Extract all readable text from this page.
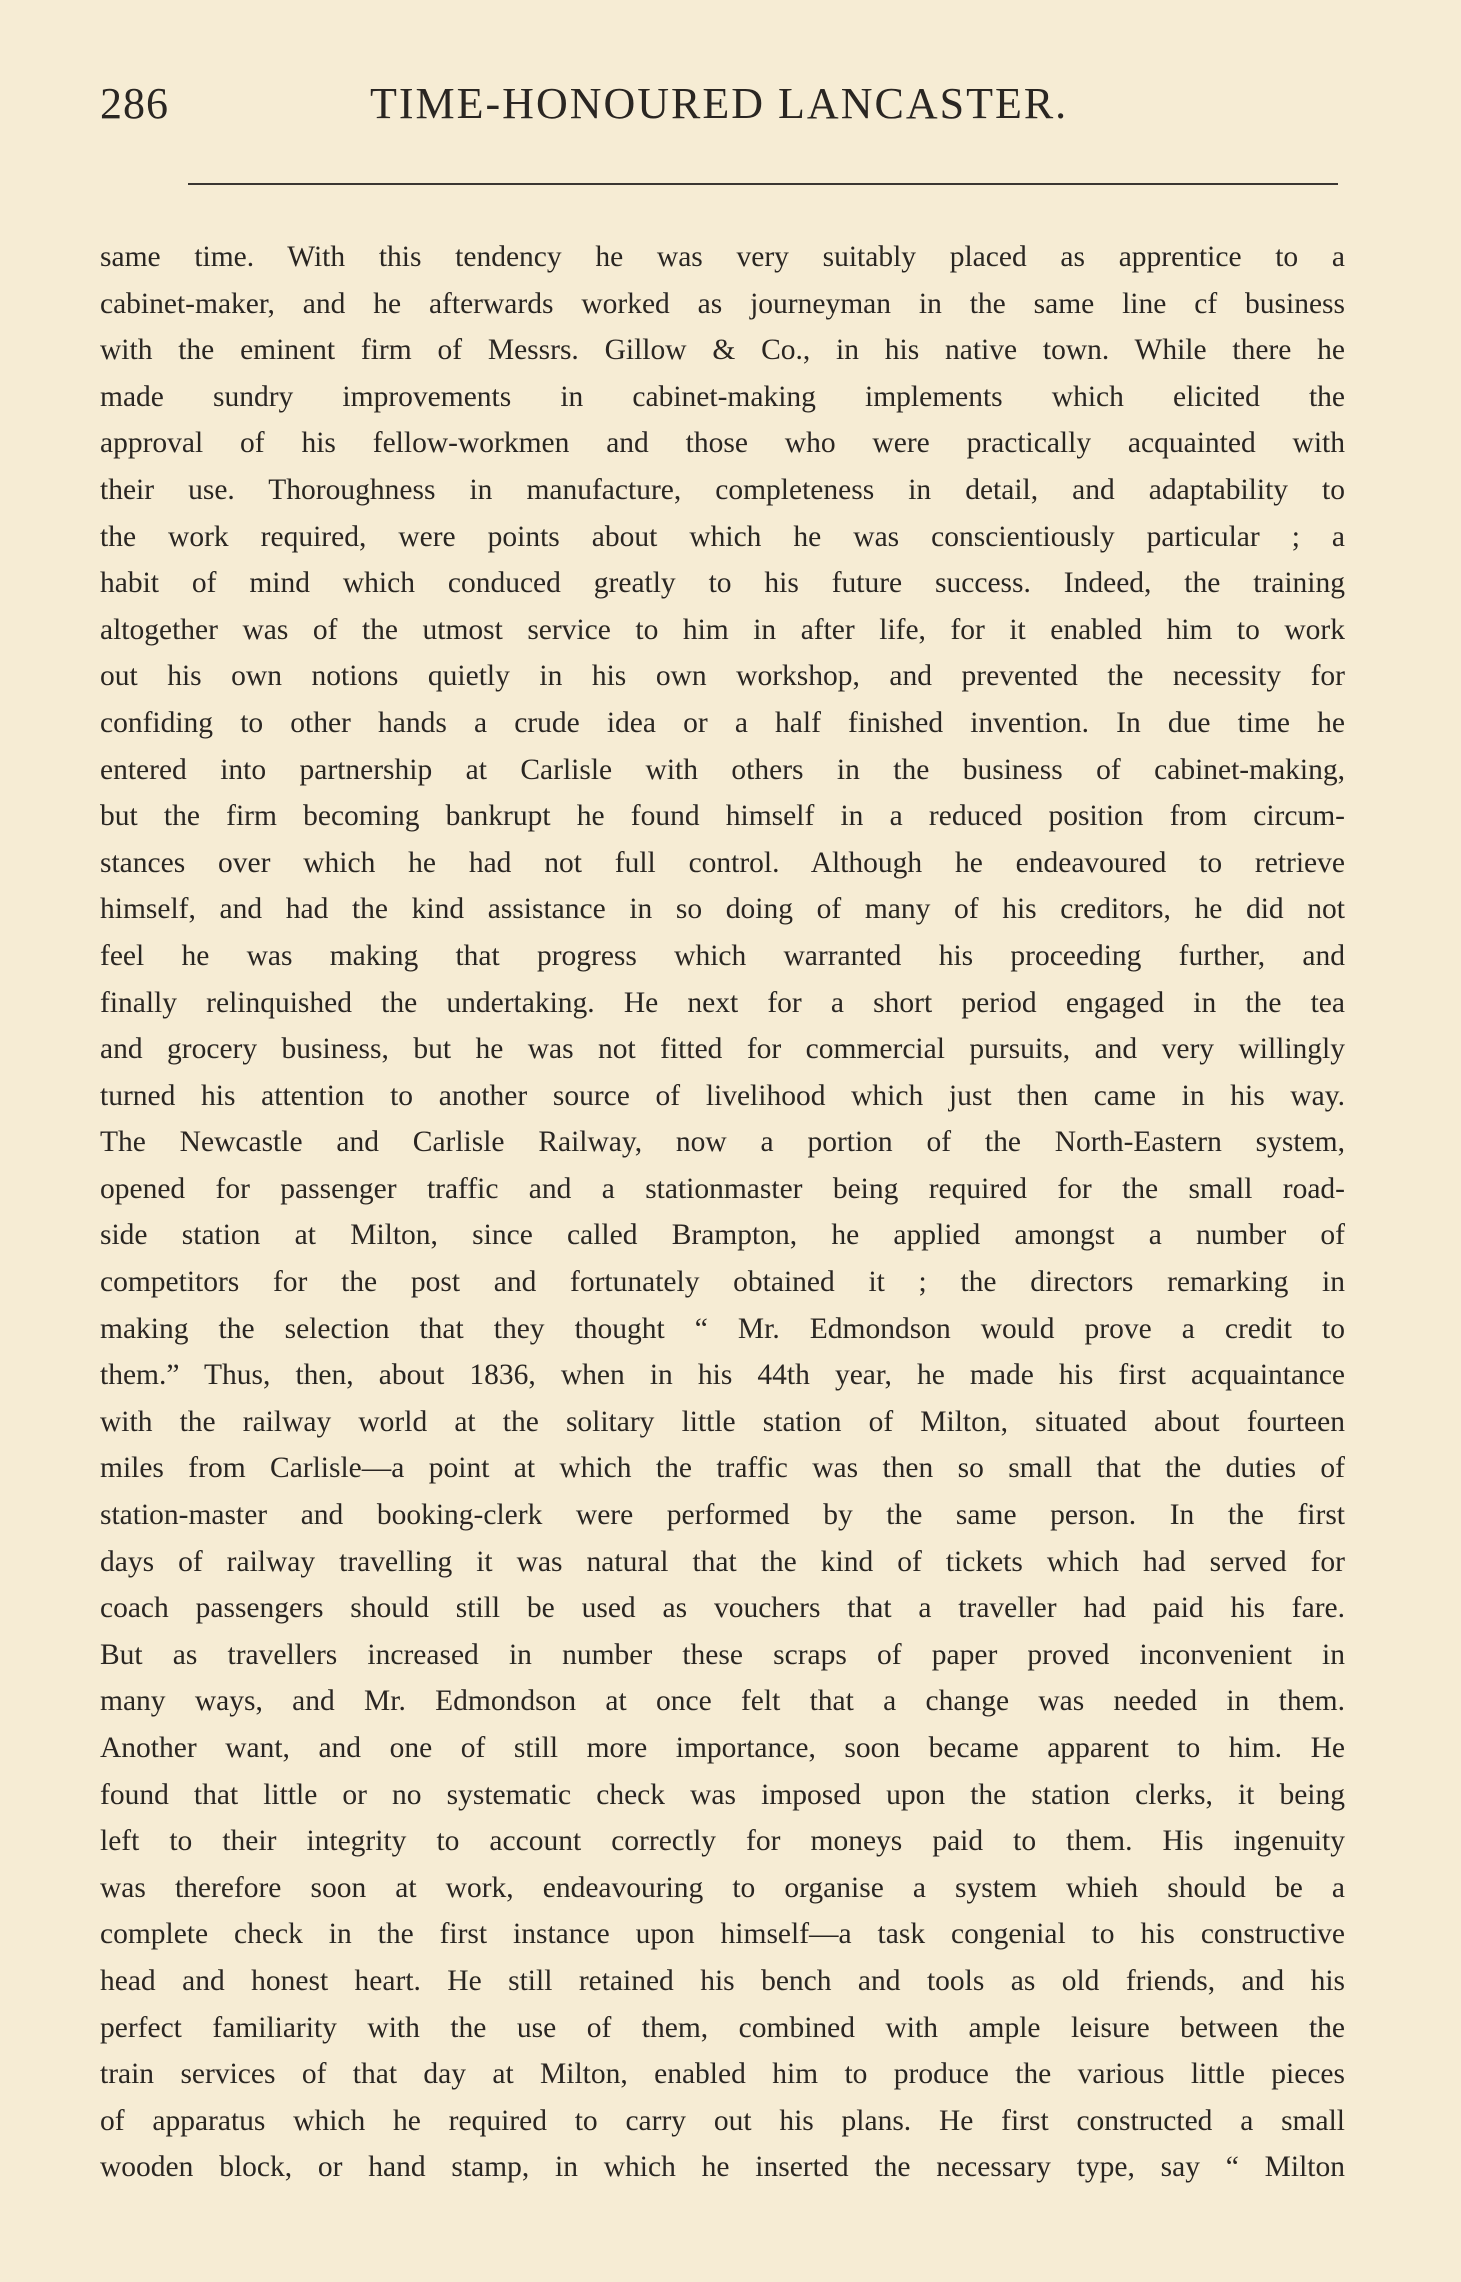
286	TIME-HONOURED LANCASTER.
same time. With this tendency he was very suitably placed as apprentice to a
cabinet-maker, and he afterwards worked as journeyman in the same line cf business
with the eminent firm of Messrs. Gillow & Co., in his native town. While there he
made sundry improvements in cabinet-making implements which elicited the
approval of his fellow-workmen and those who were practically acquainted with
their use. Thoroughness in manufacture, completeness in detail, and adaptability to
the work required, were points about which he was conscientiously particular ; a
habit of mind which conduced greatly to his future success. Indeed, the training
altogether was of the utmost service to him in after life, for it enabled him to work
out his own notions quietly in his own workshop, and prevented the necessity for
confiding to other hands a crude idea or a half finished invention. In due time he
entered into partnership at Carlisle with others in the business of cabinet-making,
but the firm becoming bankrupt he found himself in a reduced position from circum-
stances over which he had not full control. Although he endeavoured to retrieve
himself, and had the kind assistance in so doing of many of his creditors, he did not
feel he was making that progress which warranted his proceeding further, and
finally relinquished the undertaking. He next for a short period engaged in the tea
and grocery business, but he was not fitted for commercial pursuits, and very willingly
turned his attention to another source of livelihood which just then came in his way.
The Newcastle and Carlisle Railway, now a portion of the North-Eastern system,
opened for passenger traffic and a stationmaster being required for the small road-
side station at Milton, since called Brampton, he applied amongst a number of
competitors for the post and fortunately obtained it ; the directors remarking in
making the selection that they thought “ Mr. Edmondson would prove a credit to
them.” Thus, then, about 1836, when in his 44th year, he made his first acquaintance
with the railway world at the solitary little station of Milton, situated about fourteen
miles from Carlisle—a point at which the traffic was then so small that the duties of
station-master and booking-clerk were performed by the same person. In the first
days of railway travelling it was natural that the kind of tickets which had served for
coach passengers should still be used as vouchers that a traveller had paid his fare.
But as travellers increased in number these scraps of paper proved inconvenient in
many ways, and Mr. Edmondson at once felt that a change was needed in them.
Another want, and one of still more importance, soon became apparent to him. He
found that little or no systematic check was imposed upon the station clerks, it being
left to their integrity to account correctly for moneys paid to them. His ingenuity
was therefore soon at work, endeavouring to organise a system whieh should be a
complete check in the first instance upon himself—a task congenial to his constructive
head and honest heart. He still retained his bench and tools as old friends, and his
perfect familiarity with the use of them, combined with ample leisure between the
train services of that day at Milton, enabled him to produce the various little pieces
of apparatus which he required to carry out his plans. He first constructed a small
wooden block, or hand stamp, in which he inserted the necessary type, say “ Milton
